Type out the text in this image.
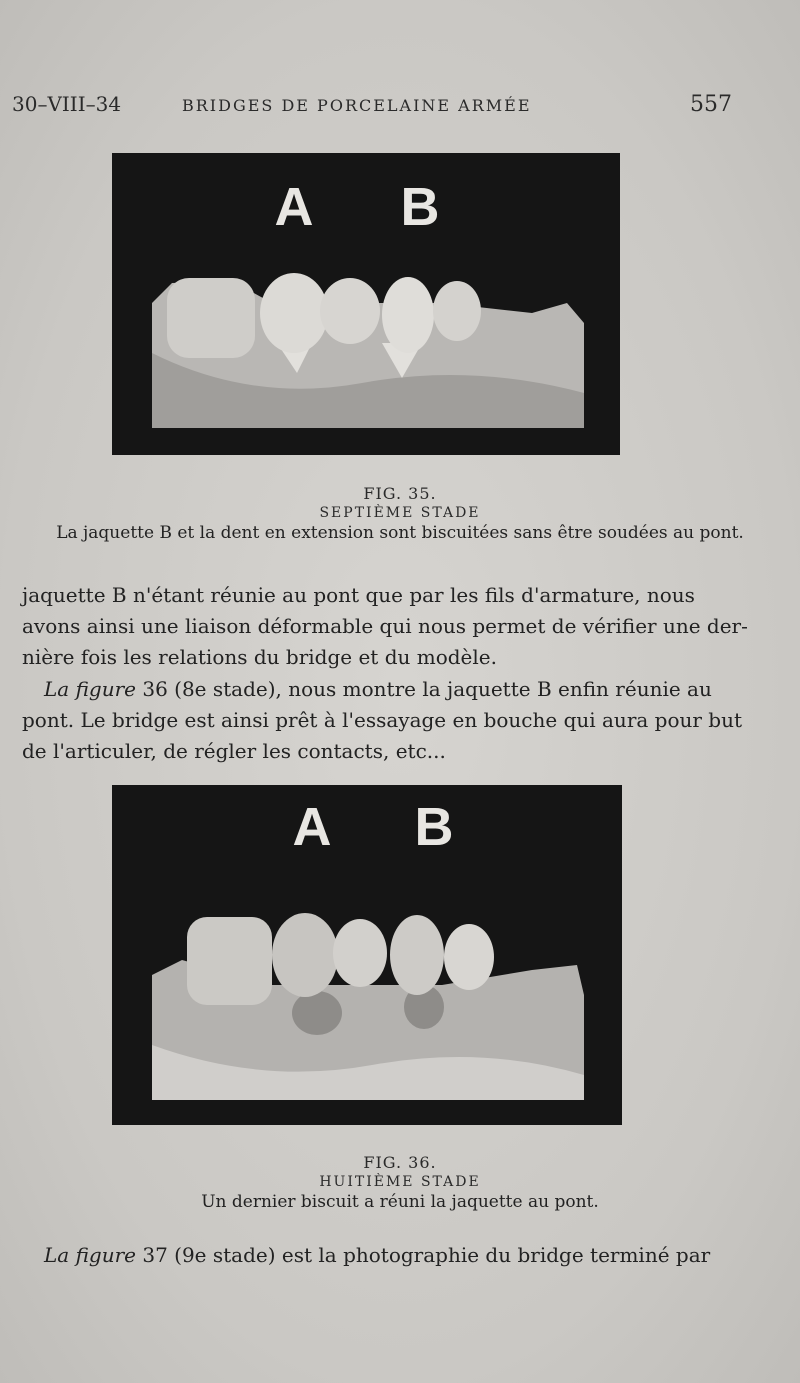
30–VIII–34	BRIDGES DE PORCELAINE ARMÉE	557
A B
FIG. 35.
SEPTIÈME STADE
La jaquette B et la dent en extension sont biscuitées sans être soudées au pont.
jaquette B n'étant réunie au pont que par les fils d'armature, nous
avons ainsi une liaison déformable qui nous permet de vérifier une der-
nière fois les relations du bridge et du modèle.
La figure 36 (8e stade), nous montre la jaquette B enfin réunie au
pont. Le bridge est ainsi prêt à l'essayage en bouche qui aura pour but
de l'articuler, de régler les contacts, etc...
A B
FIG. 36.
HUITIÈME STADE
Un dernier biscuit a réuni la jaquette au pont.
La figure 37 (9e stade) est la photographie du bridge terminé par
